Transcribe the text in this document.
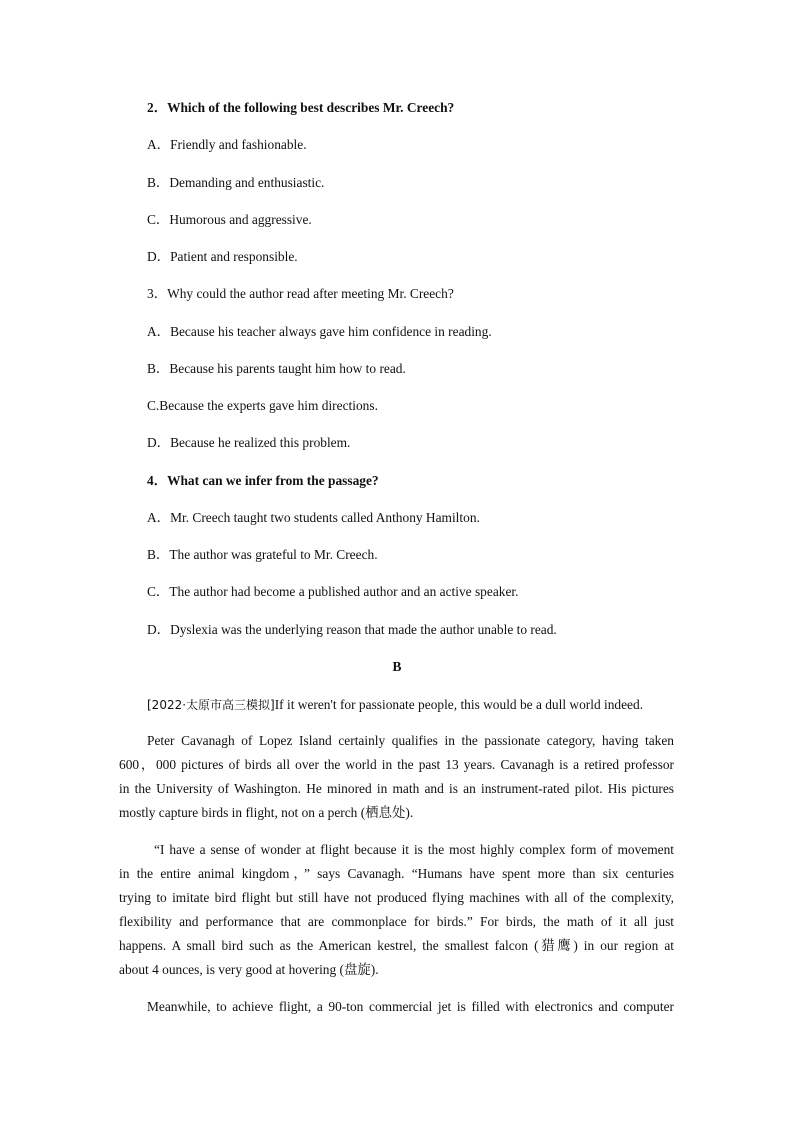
2．Which of the following best describes Mr. Creech?
A．Friendly and fashionable.
B．Demanding and enthusiastic.
C．Humorous and aggressive.
D．Patient and responsible.
3．Why could the author read after meeting Mr. Creech?
A．Because his teacher always gave him confidence in reading.
B．Because his parents taught him how to read.
C.Because the experts gave him directions.
D．Because he realized this problem.
4．What can we infer from the passage?
A．Mr. Creech taught two students called Anthony Hamilton.
B．The author was grateful to Mr. Creech.
C．The author had become a published author and an active speaker.
D．Dyslexia was the underlying reason that made the author unable to read.
B
[2022·太原市高三模拟]If it weren't for passionate people, this would be a dull world indeed.
Peter Cavanagh of Lopez Island certainly qualifies in the passionate category, having taken
600，000 pictures of birds all over the world in the past 13 years. Cavanagh is a retired professor
in the University of Washington. He minored in math and is an instrument-rated pilot. His pictures
mostly capture birds in flight, not on a perch (栖息处).
“I have a sense of wonder at flight because it is the most highly complex form of movement
in the entire animal kingdom，” says Cavanagh. “Humans have spent more than six centuries
trying to imitate bird flight but still have not produced flying machines with all of the complexity,
flexibility and performance that are commonplace for birds.” For birds, the math of it all just
happens. A small bird such as the American kestrel, the smallest falcon (猎鹰) in our region at
about 4 ounces, is very good at hovering (盘旋).
Meanwhile, to achieve flight, a 90-ton commercial jet is filled with electronics and computer
